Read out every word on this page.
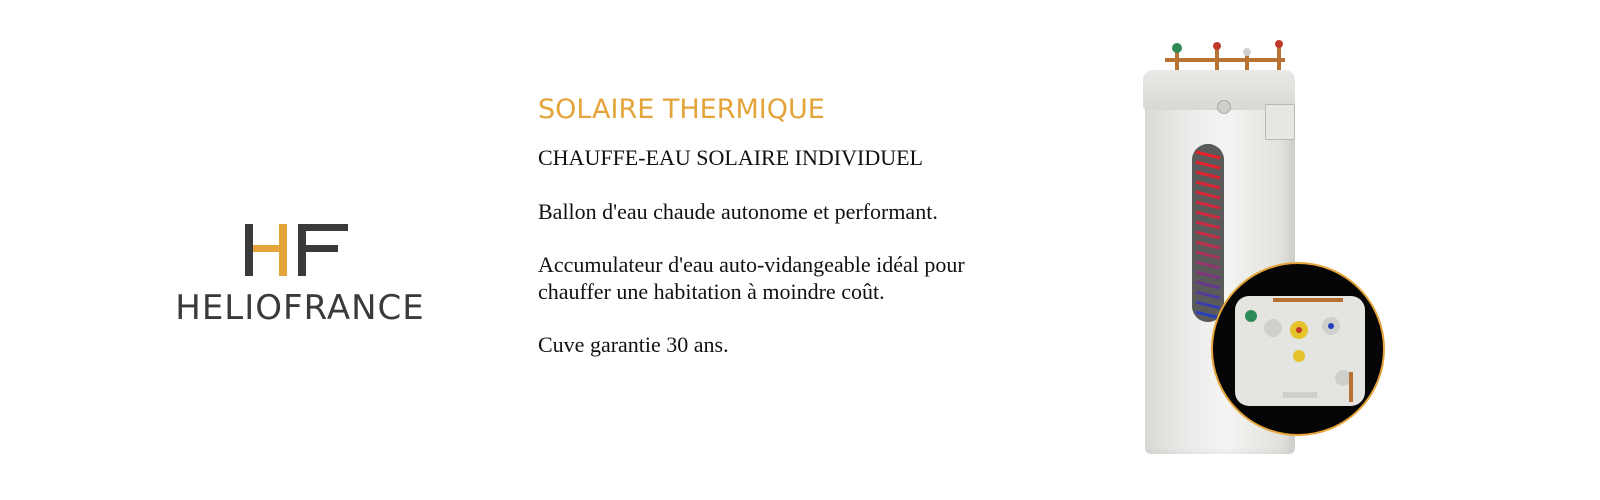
HELIOFRANCE
SOLAIRE THERMIQUE
CHAUFFE-EAU SOLAIRE INDIVIDUEL
Ballon d'eau chaude autonome et performant.
Accumulateur d'eau auto-vidangeable idéal pour
chauffer une habitation à moindre coût.
Cuve garantie 30 ans.
